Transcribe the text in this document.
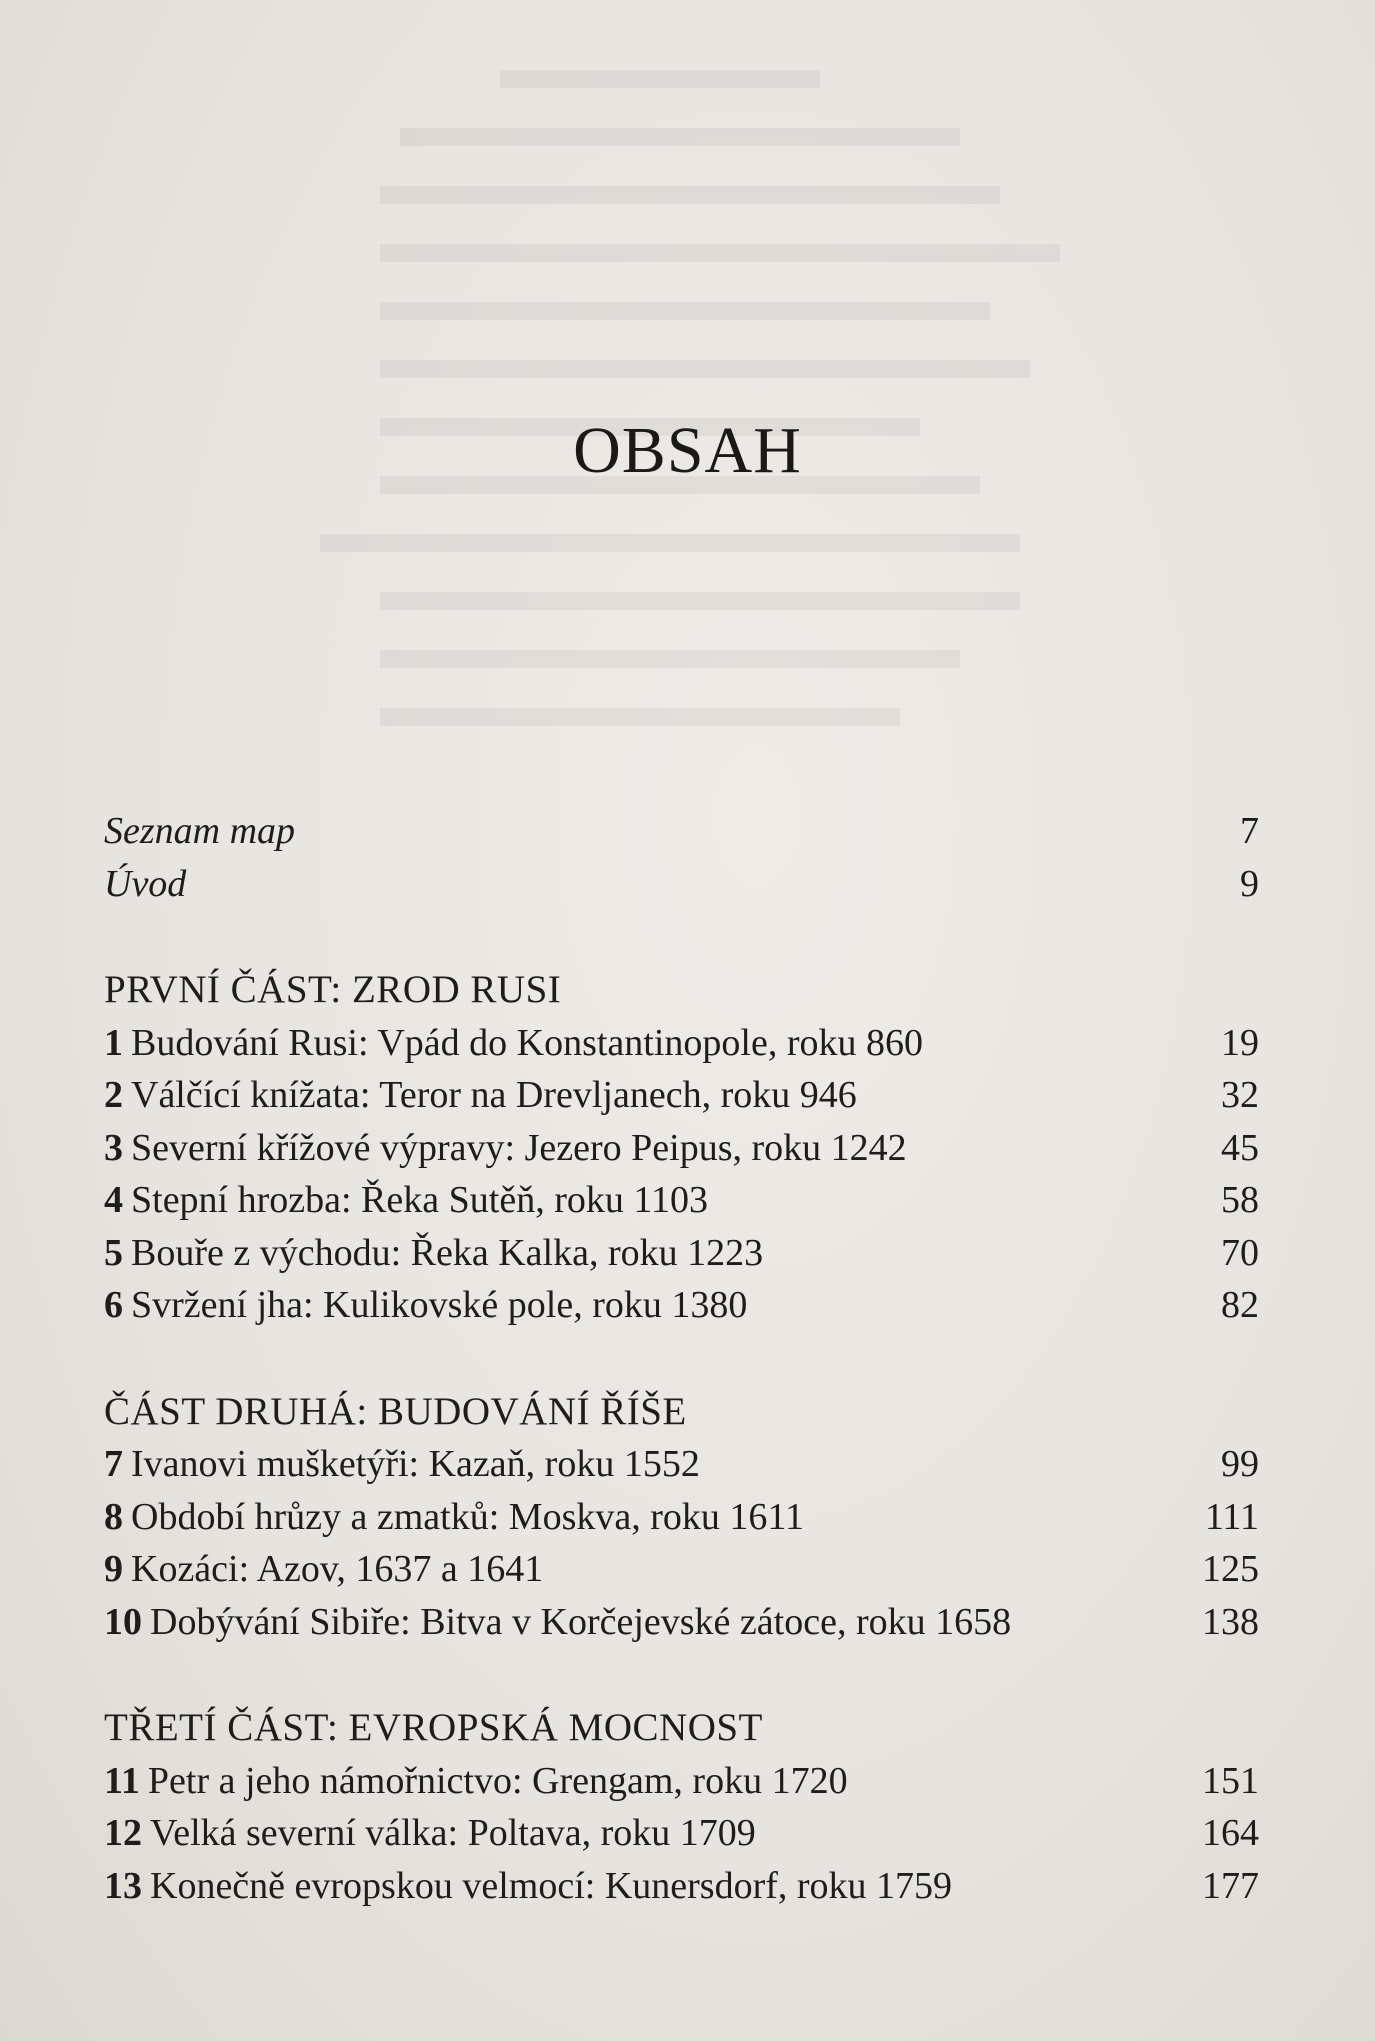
OBSAH
Seznam map	7
Úvod	9
PRVNÍ ČÁST: ZROD RUSI
1 Budování Rusi: Vpád do Konstantinopole, roku 860	19
2 Válčící knížata: Teror na Drevljanech, roku 946	32
3 Severní křížové výpravy: Jezero Peipus, roku 1242	45
4 Stepní hrozba: Řeka Sutěň, roku 1103	58
5 Bouře z východu: Řeka Kalka, roku 1223	70
6 Svržení jha: Kulikovské pole, roku 1380	82
ČÁST DRUHÁ: BUDOVÁNÍ ŘÍŠE
7 Ivanovi mušketýři: Kazaň, roku 1552	99
8 Období hrůzy a zmatků: Moskva, roku 1611	111
9 Kozáci: Azov, 1637 a 1641	125
10 Dobývání Sibiře: Bitva v Korčejevské zátoce, roku 1658	138
TŘETÍ ČÁST: EVROPSKÁ MOCNOST
11 Petr a jeho námořnictvo: Grengam, roku 1720	151
12 Velká severní válka: Poltava, roku 1709	164
13 Konečně evropskou velmocí: Kunersdorf, roku 1759	177
